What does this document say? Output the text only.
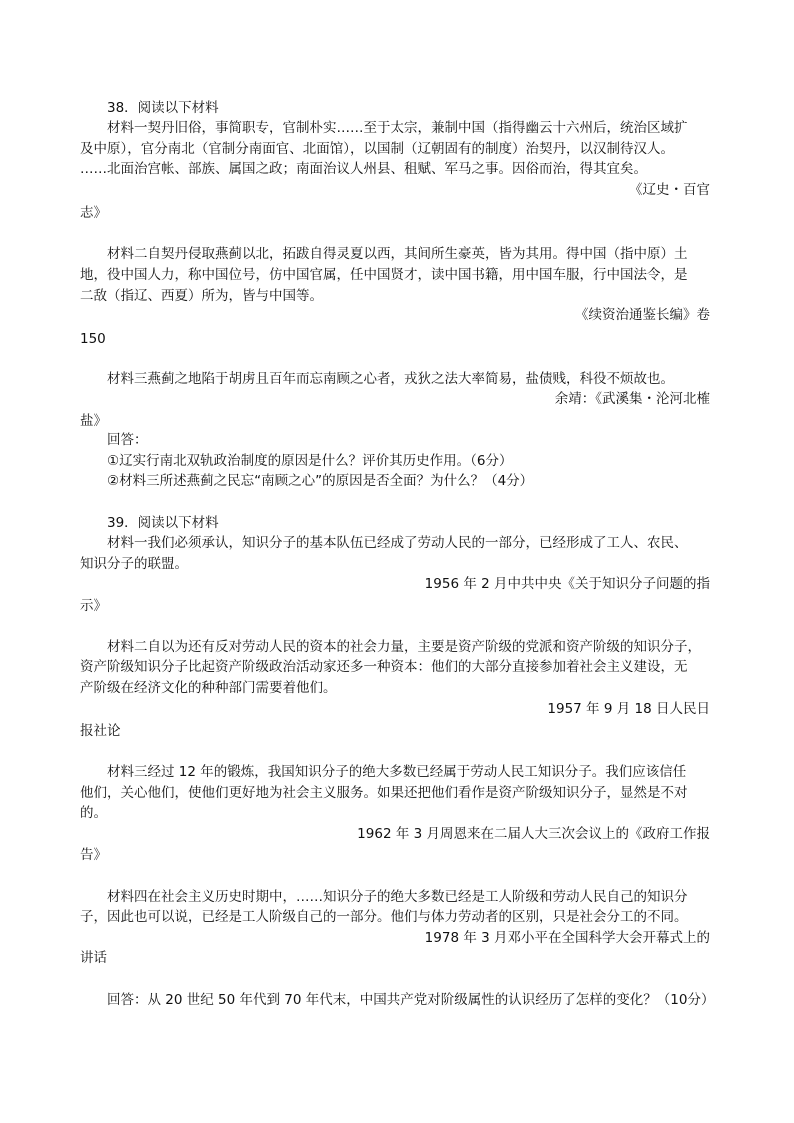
38．阅读以下材料
材料一契丹旧俗，事简职专，官制朴实……至于太宗，兼制中国（指得幽云十六州后，统治区域扩
及中原），官分南北（官制分南面官、北面馆），以国制（辽朝固有的制度）治契丹，以汉制待汉人。
……北面治宫帐、部族、属国之政；南面治议人州县、租赋、军马之事。因俗而治，得其宜矣。
《辽史・百官
志》
材料二自契丹侵取燕蓟以北，拓跋自得灵夏以西，其间所生豪英，皆为其用。得中国（指中原）土
地，役中国人力，称中国位号，仿中国官属，任中国贤才，读中国书籍，用中国车服，行中国法令，是
二敌（指辽、西夏）所为，皆与中国等。
《续资治通鉴长编》卷
150
材料三燕蓟之地陷于胡虏且百年而忘南顾之心者，戎狄之法大率简易，盐债贱，科役不烦故也。
余靖：《武溪集・沦河北榷
盐》
回答：
①辽实行南北双轨政治制度的原因是什么？评价其历史作用。（6分）
②材料三所述燕蓟之民忘“南顾之心”的原因是否全面？为什么？（4分）
39．阅读以下材料
材料一我们必须承认，知识分子的基本队伍已经成了劳动人民的一部分，已经形成了工人、农民、
知识分子的联盟。
1956 年 2 月中共中央《关于知识分子问题的指
示》
材料二自以为还有反对劳动人民的资本的社会力量，主要是资产阶级的党派和资产阶级的知识分子，
资产阶级知识分子比起资产阶级政治活动家还多一种资本：他们的大部分直接参加着社会主义建设，无
产阶级在经济文化的种种部门需要着他们。
1957 年 9 月 18 日人民日
报社论
材料三经过 12 年的锻炼，我国知识分子的绝大多数已经属于劳动人民工知识分子。我们应该信任
他们，关心他们，使他们更好地为社会主义服务。如果还把他们看作是资产阶级知识分子，显然是不对
的。
1962 年 3 月周恩来在二届人大三次会议上的《政府工作报
告》
材料四在社会主义历史时期中，……知识分子的绝大多数已经是工人阶级和劳动人民自己的知识分
子，因此也可以说，已经是工人阶级自己的一部分。他们与体力劳动者的区别，只是社会分工的不同。
1978 年 3 月邓小平在全国科学大会开幕式上的
讲话
回答：从 20 世纪 50 年代到 70 年代末，中国共产党对阶级属性的认识经历了怎样的变化？（10分）
